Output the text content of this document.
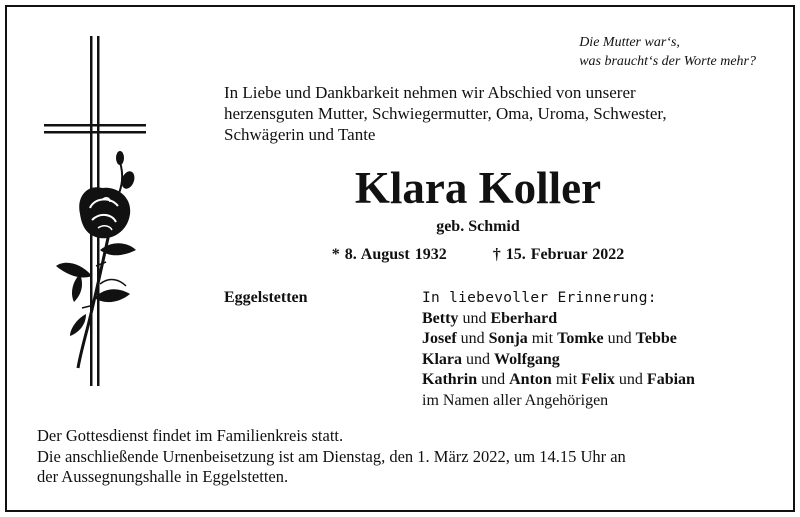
Die Mutter war‘s,
was braucht‘s der Worte mehr?
In Liebe und Dankbarkeit nehmen wir Abschied von unserer
herzensguten Mutter, Schwiegermutter, Oma, Uroma, Schwester,
Schwägerin und Tante
Klara Koller
geb. Schmid
* 8. August 1932	† 15. Februar 2022
Eggelstetten	In liebevoller Erinnerung:
Betty und Eberhard
Josef und Sonja mit Tomke und Tebbe
Klara und Wolfgang
Kathrin und Anton mit Felix und Fabian
im Namen aller Angehörigen
Der Gottesdienst findet im Familienkreis statt.
Die anschließende Urnenbeisetzung ist am Dienstag, den 1. März 2022, um 14.15 Uhr an
der Aussegnungshalle in Eggelstetten.
